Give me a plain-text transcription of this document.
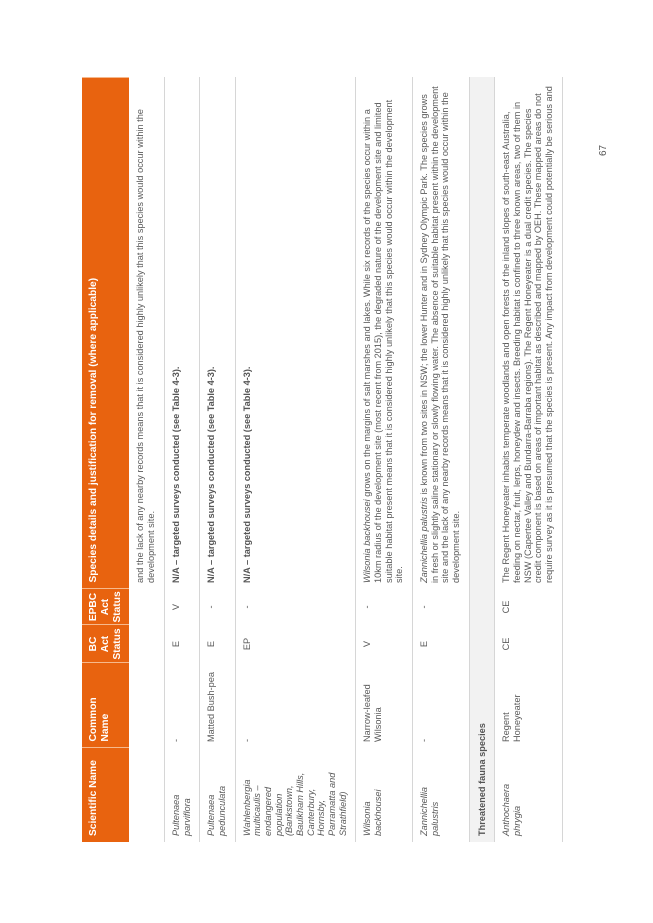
Scientific Name	Common Name	BC Act Status	EPBC Act Status	Species details and justification for removal (where applicable)
				and the lack of any nearby records means that it is considered highly unlikely that this species would occur within the development site.
Pultenaea parviflora	-	E	V	N/A – targeted surveys conducted (see Table 4-3).
Pultenaea pedunculata	Matted Bush-pea	E	-	N/A – targeted surveys conducted (see Table 4-3).
Wahlenbergia multicaulis – endangered population (Bankstown, Baulkham Hills, Canterbury, Hornsby, Parramatta and Strathfield)	-	EP	-	N/A – targeted surveys conducted (see Table 4-3).
Wilsonia backhousei	Narrow-leafed Wilsonia	V	-	Wilsonia backhousei grows on the margins of salt marshes and lakes. While six records of the species occur within a 10km radius of the development site (most recent from 2015), the degraded nature of the development site and limited suitable habitat present means that it is considered highly unlikely that this species would occur within the development site.
Zannichellia palustris	-	E	-	Zannichellia palustris is known from two sites in NSW; the lower Hunter and in Sydney Olympic Park. The species grows in fresh or slightly saline stationary or slowly flowing water. The absence of suitable habitat present within the development site and the lack of any nearby records means that it is considered highly unlikely that this species would occur within the development site.
Threatened fauna species				
Anthochaera phrygia	Regent Honeyeater	CE	CE	The Regent Honeyeater inhabits temperate woodlands and open forests of the inland slopes of south-east Australia, feeding on nectar, fruit, lerps, honeydew and insects. Breeding habitat is confined to three known areas, two of them in NSW (Capertee Valley and Bundarra-Barraba regions). The Regent Honeyeater is a dual credit species. The species credit component is based on areas of important habitat as described and mapped by OEH. These mapped areas do not require survey as it is presumed that the species is present. Any impact from development could potentially be serious and	67
